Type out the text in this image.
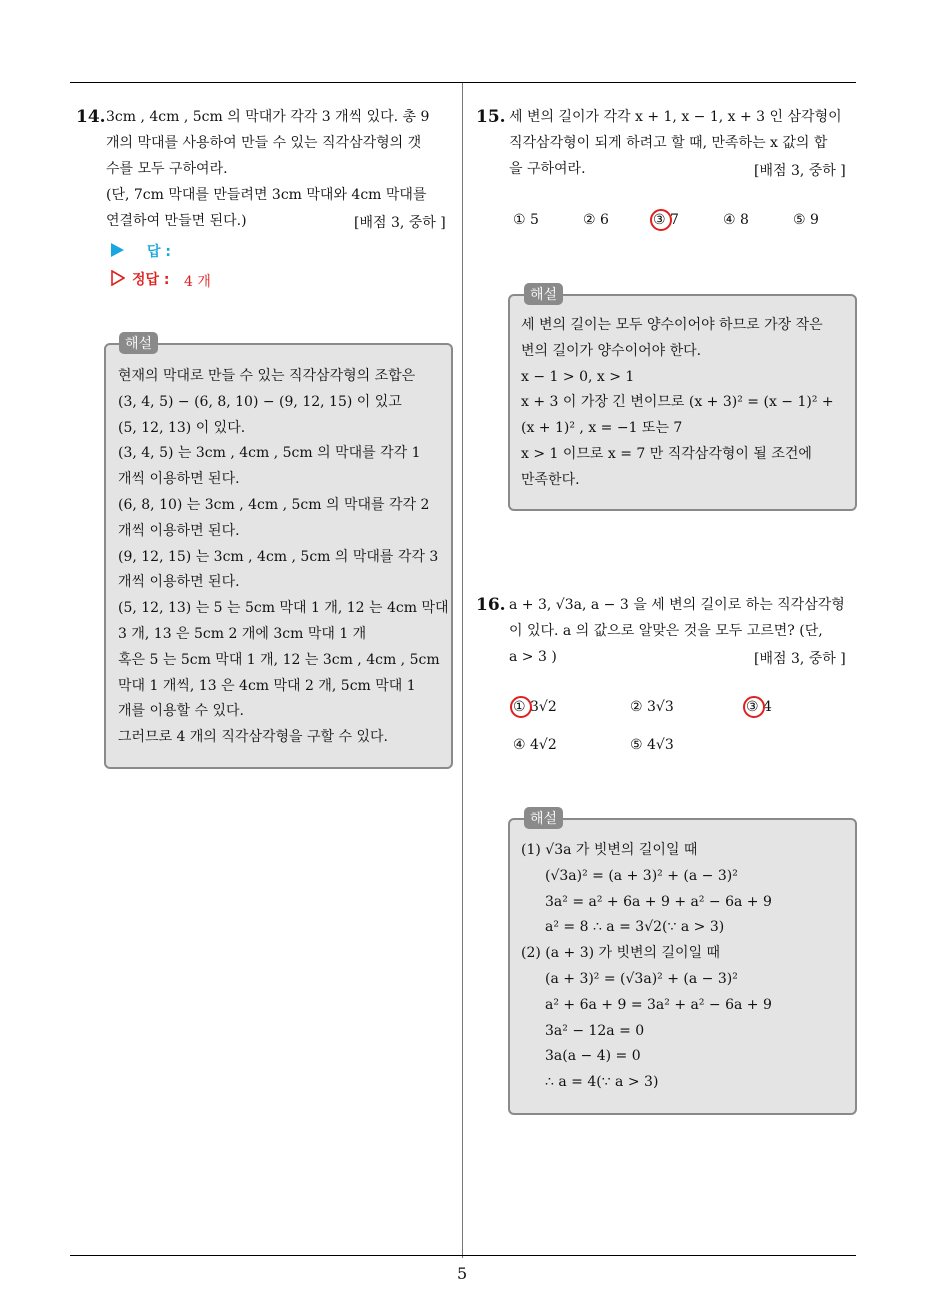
5
14. 3cm , 4cm , 5cm 의 막대가 각각 3 개씩 있다. 총 9
개의 막대를 사용하여 만들 수 있는 직각삼각형의 갯
수를 모두 구하여라.
(단, 7cm 막대를 만들려면 3cm 막대와 4cm 막대를
연결하여 만들면 된다.)	[배점 3, 중하 ]
답 :
정답 : 4 개
해설
현재의 막대로 만들 수 있는 직각삼각형의 조합은
(3, 4, 5) − (6, 8, 10) − (9, 12, 15) 이 있고
(5, 12, 13) 이 있다.
(3, 4, 5) 는 3cm , 4cm , 5cm 의 막대를 각각 1
개씩 이용하면 된다.
(6, 8, 10) 는 3cm , 4cm , 5cm 의 막대를 각각 2
개씩 이용하면 된다.
(9, 12, 15) 는 3cm , 4cm , 5cm 의 막대를 각각 3
개씩 이용하면 된다.
(5, 12, 13) 는 5 는 5cm 막대 1 개, 12 는 4cm 막대
3 개, 13 은 5cm 2 개에 3cm 막대 1 개
혹은 5 는 5cm 막대 1 개, 12 는 3cm , 4cm , 5cm
막대 1 개씩, 13 은 4cm 막대 2 개, 5cm 막대 1
개를 이용할 수 있다.
그러므로 4 개의 직각삼각형을 구할 수 있다.
15. 세 변의 길이가 각각 x + 1, x − 1, x + 3 인 삼각형이
직각삼각형이 되게 하려고 할 때, 만족하는 x 값의 합
을 구하여라.	[배점 3, 중하 ]
① 5	② 6	③ 7	④ 8	⑤ 9
해설
세 변의 길이는 모두 양수이어야 하므로 가장 작은
변의 길이가 양수이어야 한다.
x − 1 > 0, x > 1
x + 3 이 가장 긴 변이므로 (x + 3)² = (x − 1)² +
(x + 1)² , x = −1 또는 7
x > 1 이므로 x = 7 만 직각삼각형이 될 조건에
만족한다.
16. a + 3, √3a, a − 3 을 세 변의 길이로 하는 직각삼각형
이 있다. a 의 값으로 알맞은 것을 모두 고르면? (단,
a > 3 )	[배점 3, 중하 ]
① 3√2	② 3√3	③ 4
④ 4√2	⑤ 4√3
해설
(1) √3a 가 빗변의 길이일 때
(√3a)² = (a + 3)² + (a − 3)²
3a² = a² + 6a + 9 + a² − 6a + 9
a² = 8 ∴ a = 3√2(∵ a > 3)
(2) (a + 3) 가 빗변의 길이일 때
(a + 3)² = (√3a)² + (a − 3)²
a² + 6a + 9 = 3a² + a² − 6a + 9
3a² − 12a = 0
3a(a − 4) = 0
∴ a = 4(∵ a > 3)
